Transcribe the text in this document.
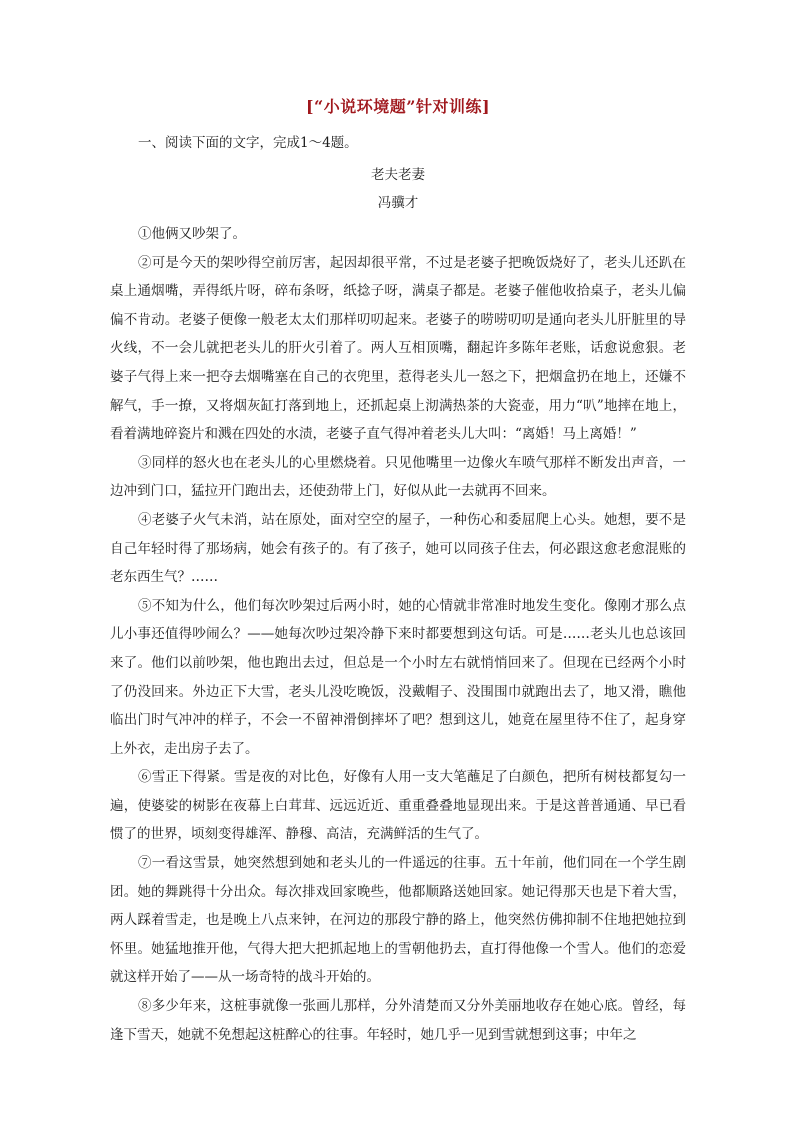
[“小说环境题”针对训练]

一、阅读下面的文字，完成1～4题。

老夫老妻
冯骥才

①他俩又吵架了。

②可是今天的架吵得空前厉害，起因却很平常，不过是老婆子把晚饭烧好了，老头儿还趴在桌上通烟嘴，弄得纸片呀，碎布条呀，纸捻子呀，满桌子都是。老婆子催他收拾桌子，老头儿偏偏不肯动。老婆子便像一般老太太们那样叨叨起来。老婆子的唠唠叨叨是通向老头儿肝脏里的导火线，不一会儿就把老头儿的肝火引着了。两人互相顶嘴，翻起许多陈年老账，话愈说愈狠。老婆子气得上来一把夺去烟嘴塞在自己的衣兜里，惹得老头儿一怒之下，把烟盒扔在地上，还嫌不解气，手一撩，又将烟灰缸打落到地上，还抓起桌上沏满热茶的大瓷壶，用力“叭”地摔在地上，看着满地碎瓷片和溅在四处的水渍，老婆子直气得冲着老头儿大叫：“离婚！马上离婚！”

③同样的怒火也在老头儿的心里燃烧着。只见他嘴里一边像火车喷气那样不断发出声音，一边冲到门口，猛拉开门跑出去，还使劲带上门，好似从此一去就再不回来。

④老婆子火气未消，站在原处，面对空空的屋子，一种伤心和委屈爬上心头。她想，要不是自己年轻时得了那场病，她会有孩子的。有了孩子，她可以同孩子住去，何必跟这愈老愈混账的老东西生气？……

⑤不知为什么，他们每次吵架过后两小时，她的心情就非常准时地发生变化。像刚才那么点儿小事还值得吵闹么？——她每次吵过架冷静下来时都要想到这句话。可是……老头儿也总该回来了。他们以前吵架，他也跑出去过，但总是一个小时左右就悄悄回来了。但现在已经两个小时了仍没回来。外边正下大雪，老头儿没吃晚饭，没戴帽子、没围围巾就跑出去了，地又滑，瞧他临出门时气冲冲的样子，不会一不留神滑倒摔坏了吧？想到这儿，她竟在屋里待不住了，起身穿上外衣，走出房子去了。

⑥雪正下得紧。雪是夜的对比色，好像有人用一支大笔蘸足了白颜色，把所有树枝都复勾一遍，使婆娑的树影在夜幕上白茸茸、远远近近、重重叠叠地显现出来。于是这普普通通、早已看惯了的世界，顷刻变得雄浑、静穆、高洁，充满鲜活的生气了。

⑦一看这雪景，她突然想到她和老头儿的一件遥远的往事。五十年前，他们同在一个学生剧团。她的舞跳得十分出众。每次排戏回家晚些，他都顺路送她回家。她记得那天也是下着大雪，两人踩着雪走，也是晚上八点来钟，在河边的那段宁静的路上，他突然仿佛抑制不住地把她拉到怀里。她猛地推开他，气得大把大把抓起地上的雪朝他扔去，直打得他像一个雪人。他们的恋爱就这样开始了——从一场奇特的战斗开始的。

⑧多少年来，这桩事就像一张画儿那样，分外清楚而又分外美丽地收存在她心底。曾经，每逢下雪天，她就不免想起这桩醉心的往事。年轻时，她几乎一见到雪就想到这事；中年之
